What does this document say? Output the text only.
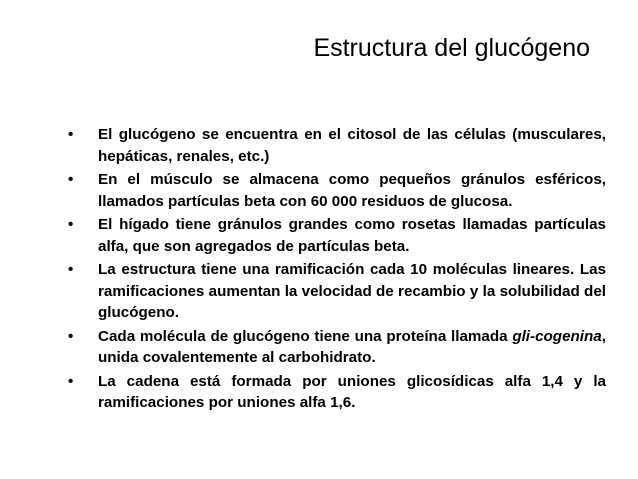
Estructura del glucógeno
• El glucógeno se encuentra en el citosol de las células (musculares, hepáticas, renales, etc.)
• En el músculo se almacena como pequeños gránulos esféricos, llamados partículas beta con 60 000 residuos de glucosa.
• El hígado tiene gránulos grandes como rosetas llamadas partículas alfa, que son agregados de partículas beta.
• La estructura tiene una ramificación cada 10 moléculas lineares. Las ramificaciones aumentan la velocidad de recambio y la solubilidad del glucógeno.
• Cada molécula de glucógeno tiene una proteína llamada gli-cogenina, unida covalentemente al carbohidrato.
• La cadena está formada por uniones glicosídicas alfa 1,4 y la ramificaciones por uniones alfa 1,6.
